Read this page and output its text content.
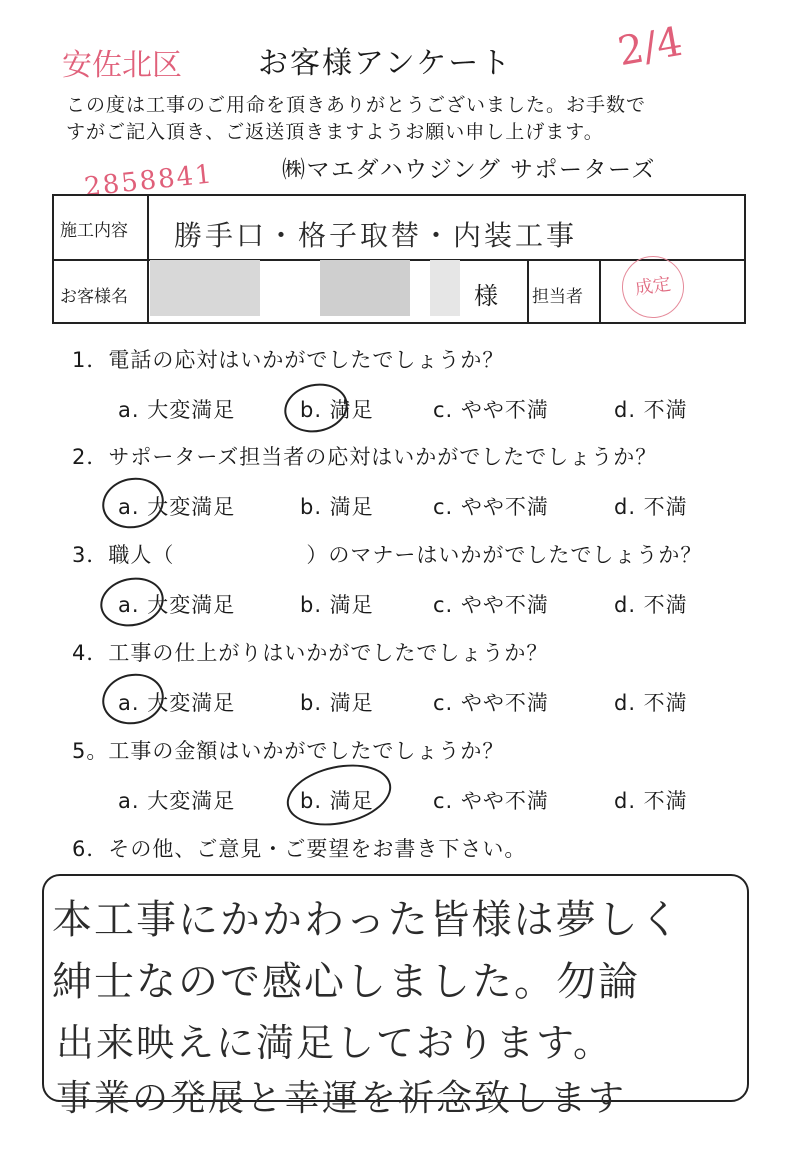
安佐北区	お客様アンケート	2/4
この度は工事のご用命を頂きありがとうございました。お手数で
すがご記入頂き、ご返送頂きますようお願い申し上げます。
2858841	㈱マエダハウジング サポーターズ
施工内容 勝手口・格子取替・内装工事
お客様名	様 担当者	成定
1．電話の応対はいかがでしたでしょうか？
a. 大変満足	b. 満足	c. やや不満	d. 不満
2．サポーターズ担当者の応対はいかがでしたでしょうか？
a. 大変満足	b. 満足	c. やや不満	d. 不満
3．職人（　　　　　　）のマナーはいかがでしたでしょうか？
a. 大変満足	b. 満足	c. やや不満	d. 不満
4．工事の仕上がりはいかがでしたでしょうか？
a. 大変満足	b. 満足	c. やや不満	d. 不満
5。工事の金額はいかがでしたでしょうか？
a. 大変満足	b. 満足	c. やや不満	d. 不満
6．その他、ご意見・ご要望をお書き下さい。
本工事にかかわった皆様は夢しく
紳士なので感心しました。勿論
出来映えに満足しております。
事業の発展と幸運を祈念致します
